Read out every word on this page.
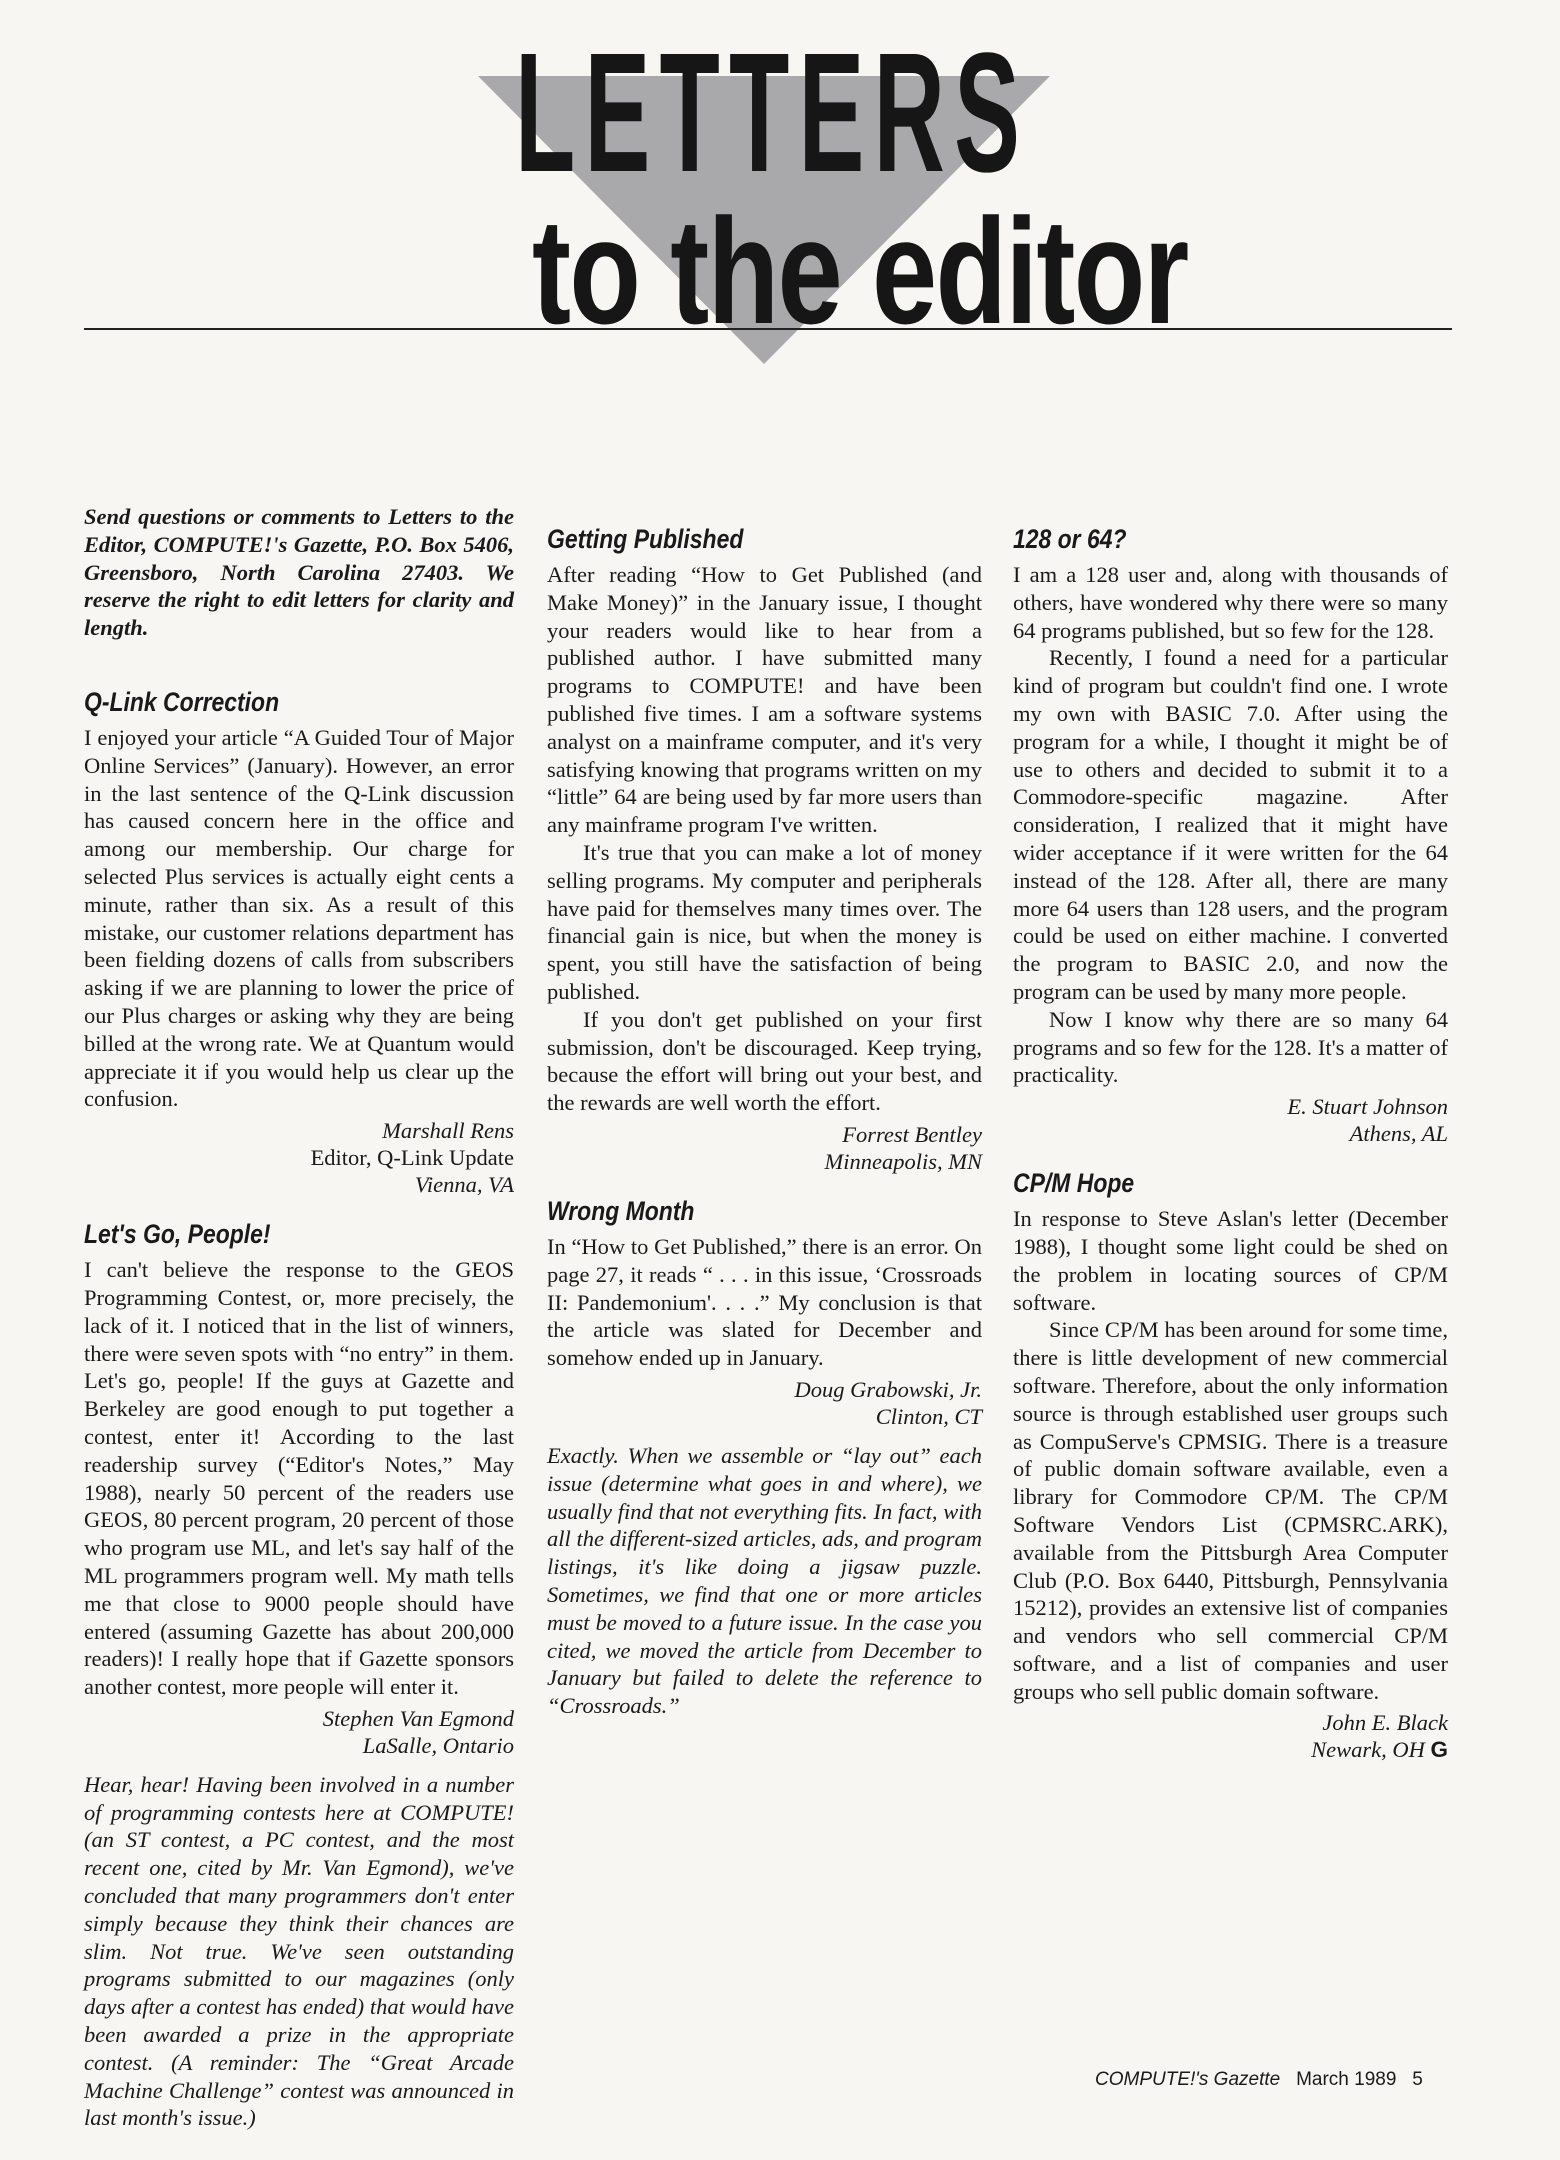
LETTERS
to the editor

Send questions or comments to Letters to the Editor, COMPUTE!'s Gazette, P.O. Box 5406, Greensboro, North Carolina 27403. We reserve the right to edit letters for clarity and length.

Q-Link Correction

I enjoyed your article “A Guided Tour of Major Online Services” (January). However, an error in the last sentence of the Q-Link discussion has caused concern here in the office and among our membership. Our charge for selected Plus services is actually eight cents a minute, rather than six. As a result of this mistake, our customer relations department has been fielding dozens of calls from subscribers asking if we are planning to lower the price of our Plus charges or asking why they are being billed at the wrong rate. We at Quantum would appreciate it if you would help us clear up the confusion.

Marshall Rens
Editor, Q-Link Update
Vienna, VA
Let's Go, People!

I can't believe the response to the GEOS Programming Contest, or, more precisely, the lack of it. I noticed that in the list of winners, there were seven spots with “no entry” in them. Let's go, people! If the guys at Gazette and Berkeley are good enough to put together a contest, enter it! According to the last readership survey (“Editor's Notes,” May 1988), nearly 50 percent of the readers use GEOS, 80 percent program, 20 percent of those who program use ML, and let's say half of the ML programmers program well. My math tells me that close to 9000 people should have entered (assuming Gazette has about 200,000 readers)! I really hope that if Gazette sponsors another contest, more people will enter it.

Stephen Van Egmond
LaSalle, Ontario

Hear, hear! Having been involved in a number of programming contests here at COMPUTE! (an ST contest, a PC contest, and the most recent one, cited by Mr. Van Egmond), we've concluded that many programmers don't enter simply because they think their chances are slim. Not true. We've seen outstanding programs submitted to our magazines (only days after a contest has ended) that would have been awarded a prize in the appropriate contest. (A reminder: The “Great Arcade Machine Challenge” contest was announced in last month's issue.)

Getting Published

After reading “How to Get Published (and Make Money)” in the January issue, I thought your readers would like to hear from a published author. I have submitted many programs to COMPUTE! and have been published five times. I am a software systems analyst on a mainframe computer, and it's very satisfying knowing that programs written on my “little” 64 are being used by far more users than any mainframe program I've written.

It's true that you can make a lot of money selling programs. My computer and peripherals have paid for themselves many times over. The financial gain is nice, but when the money is spent, you still have the satisfaction of being published.

If you don't get published on your first submission, don't be discouraged. Keep trying, because the effort will bring out your best, and the rewards are well worth the effort.

Forrest Bentley
Minneapolis, MN
Wrong Month

In “How to Get Published,” there is an error. On page 27, it reads “ . . . in this issue, ‘Crossroads II: Pandemonium'. . . .” My conclusion is that the article was slated for December and somehow ended up in January.

Doug Grabowski, Jr.
Clinton, CT

Exactly. When we assemble or “lay out” each issue (determine what goes in and where), we usually find that not everything fits. In fact, with all the different-sized articles, ads, and program listings, it's like doing a jigsaw puzzle. Sometimes, we find that one or more articles must be moved to a future issue. In the case you cited, we moved the article from December to January but failed to delete the reference to “Crossroads.”

128 or 64?

I am a 128 user and, along with thousands of others, have wondered why there were so many 64 programs published, but so few for the 128.

Recently, I found a need for a particular kind of program but couldn't find one. I wrote my own with BASIC 7.0. After using the program for a while, I thought it might be of use to others and decided to submit it to a Commodore-specific magazine. After consideration, I realized that it might have wider acceptance if it were written for the 64 instead of the 128. After all, there are many more 64 users than 128 users, and the program could be used on either machine. I converted the program to BASIC 2.0, and now the program can be used by many more people.

Now I know why there are so many 64 programs and so few for the 128. It's a matter of practicality.

E. Stuart Johnson
Athens, AL
CP/M Hope

In response to Steve Aslan's letter (December 1988), I thought some light could be shed on the problem in locating sources of CP/M software.

Since CP/M has been around for some time, there is little development of new commercial software. Therefore, about the only information source is through established user groups such as CompuServe's CPMSIG. There is a treasure of public domain software available, even a library for Commodore CP/M. The CP/M Software Vendors List (CPMSRC.ARK), available from the Pittsburgh Area Computer Club (P.O. Box 6440, Pittsburgh, Pennsylvania 15212), provides an extensive list of companies and vendors who sell commercial CP/M software, and a list of companies and user groups who sell public domain software.

John E. Black
Newark, OH G
COMPUTE!'s Gazette March 1989 5
